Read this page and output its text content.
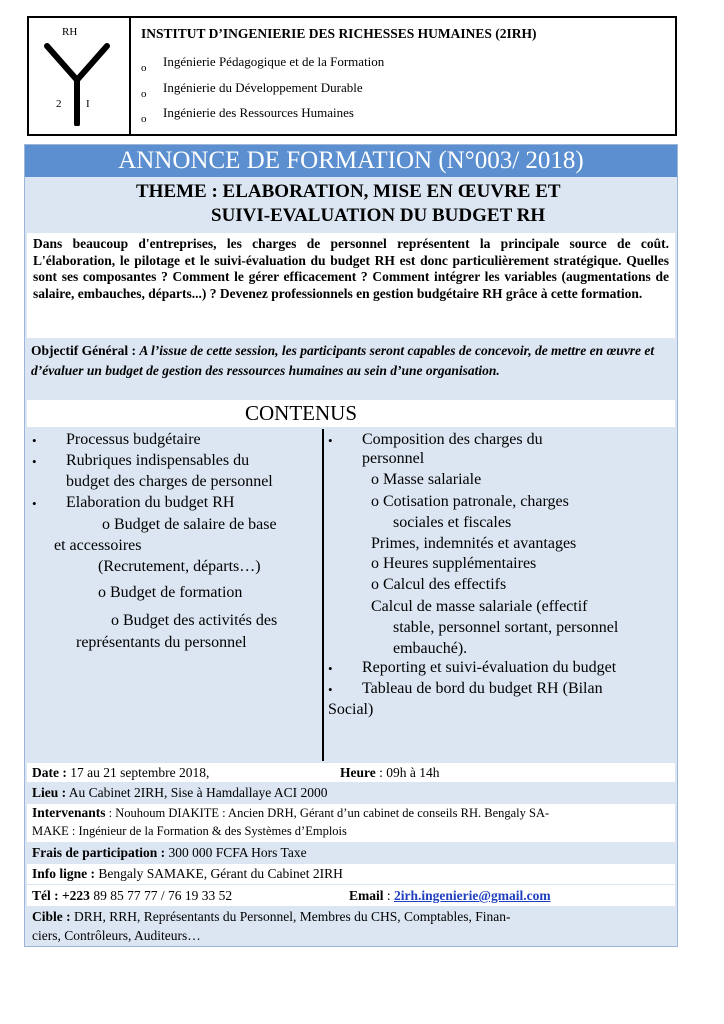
RH
2 I
INSTITUT D’INGENIERIE DES RICHESSES HUMAINES (2IRH)
o Ingénierie Pédagogique et de la Formation
o Ingénierie du Développement Durable
o Ingénierie des Ressources Humaines
ANNONCE DE FORMATION (N°003/ 2018)
THEME : ELABORATION, MISE EN ŒUVRE ET
SUIVI-EVALUATION DU BUDGET RH
Dans beaucoup d'entreprises, les charges de personnel représentent la principale source de coût. L'élaboration, le pilotage et le suivi-évaluation du budget RH est donc particulièrement stratégique. Quelles sont ses composantes ? Comment le gérer efficacement ? Comment intégrer les variables (augmentations de salaire, embauches, départs...) ? Devenez professionnels en gestion budgétaire RH grâce à cette formation.
Objectif Général : A l’issue de cette session, les participants seront capables de concevoir, de mettre en œuvre et d’évaluer un budget de gestion des ressources humaines au sein d’une organisation.
CONTENUS
• Processus budgétaire
• Rubriques indispensables du
budget des charges de personnel
• Elaboration du budget RH
o Budget de salaire de base
et accessoires
(Recrutement, départs…)
o Budget de formation
o Budget des activités des
représentants du personnel
• Composition des charges du
personnel
o Masse salariale
o Cotisation patronale, charges
sociales et fiscales
Primes, indemnités et avantages
o Heures supplémentaires
o Calcul des effectifs
Calcul de masse salariale (effectif
stable, personnel sortant, personnel
embauché).
• Reporting et suivi-évaluation du budget
• Tableau de bord du budget RH (Bilan
Social)
Date : 17 au 21 septembre 2018,	Heure : 09h à 14h
Lieu : Au Cabinet 2IRH, Sise à Hamdallaye ACI 2000
Intervenants : Nouhoum DIAKITE : Ancien DRH, Gérant d’un cabinet de conseils RH. Bengaly SA-
MAKE : Ingénieur de la Formation & des Systèmes d’Emplois
Frais de participation : 300 000 FCFA Hors Taxe
Info ligne : Bengaly SAMAKE, Gérant du Cabinet 2IRH
Tél : +223 89 85 77 77 / 76 19 33 52	Email : 2irh.ingenierie@gmail.com
Cible : DRH, RRH, Représentants du Personnel, Membres du CHS, Comptables, Finan-
ciers, Contrôleurs, Auditeurs…
